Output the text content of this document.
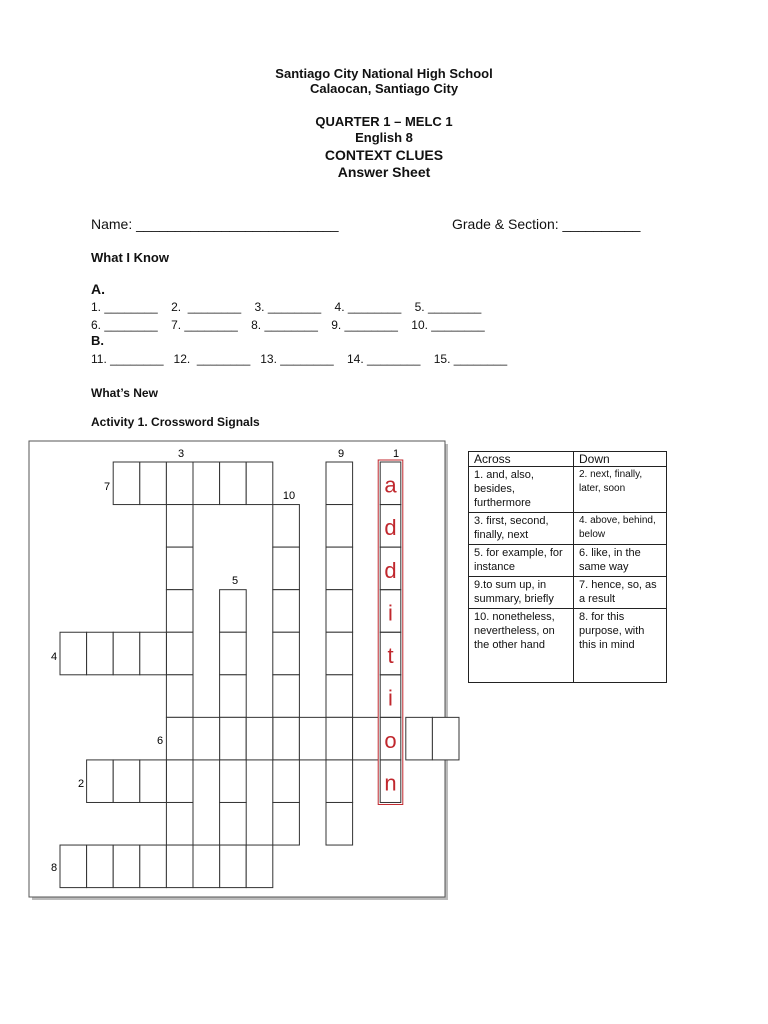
Santiago City National High School
Calaocan, Santiago City
QUARTER 1 – MELC 1
English 8
CONTEXT CLUES
Answer Sheet
Name: __________________________	Grade & Section: __________
What I Know
A.
1. ________    2.  ________    3. ________    4. ________    5. ________
6. ________    7. ________    8. ________    9. ________    10. ________
B.
11. ________   12.  ________   13. ________    14. ________    15. ________
What’s New
Activity 1. Crossword Signals
a
d
d
i
t
i
o
n
3	9	1
7
10
5
4
6
2
8
Across	Down
1. and, also, besides, furthermore	2. next, finally, later, soon
3. first, second, finally, next	4. above, behind, below
5. for example, for instance	6. like, in the same way
9.to sum up, in summary, briefly	7. hence, so, as a result
10. nonetheless, nevertheless, on the other hand	8. for this purpose, with this in mind
